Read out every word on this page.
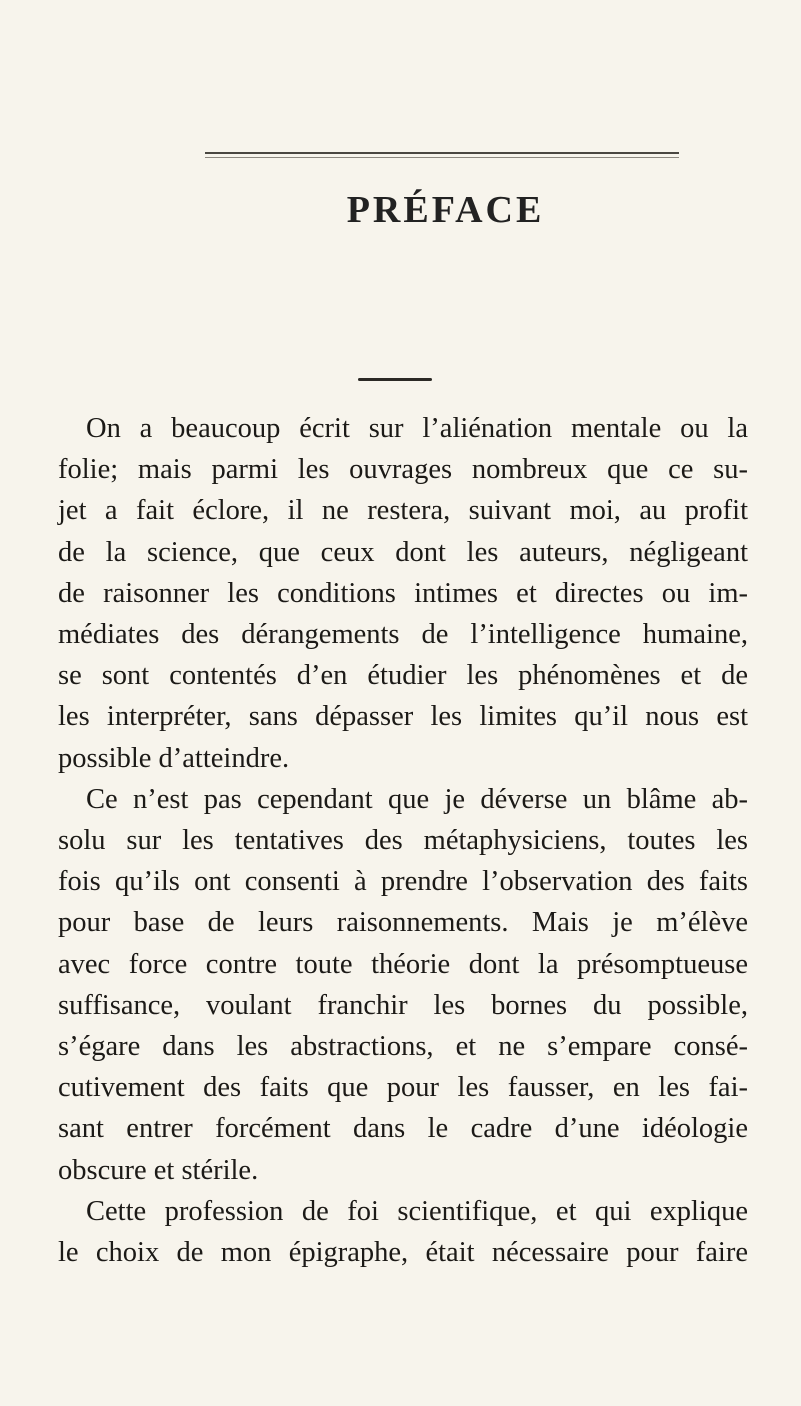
PRÉFACE
On a beaucoup écrit sur l’aliénation mentale ou la
folie; mais parmi les ouvrages nombreux que ce su-
jet a fait éclore, il ne restera, suivant moi, au profit
de la science, que ceux dont les auteurs, négligeant
de raisonner les conditions intimes et directes ou im-
médiates des dérangements de l’intelligence humaine,
se sont contentés d’en étudier les phénomènes et de
les interpréter, sans dépasser les limites qu’il nous est
possible d’atteindre.
Ce n’est pas cependant que je déverse un blâme ab-
solu sur les tentatives des métaphysiciens, toutes les
fois qu’ils ont consenti à prendre l’observation des faits
pour base de leurs raisonnements. Mais je m’élève
avec force contre toute théorie dont la présomptueuse
suffisance, voulant franchir les bornes du possible,
s’égare dans les abstractions, et ne s’empare consé-
cutivement des faits que pour les fausser, en les fai-
sant entrer forcément dans le cadre d’une idéologie
obscure et stérile.
Cette profession de foi scientifique, et qui explique
le choix de mon épigraphe, était nécessaire pour faire
